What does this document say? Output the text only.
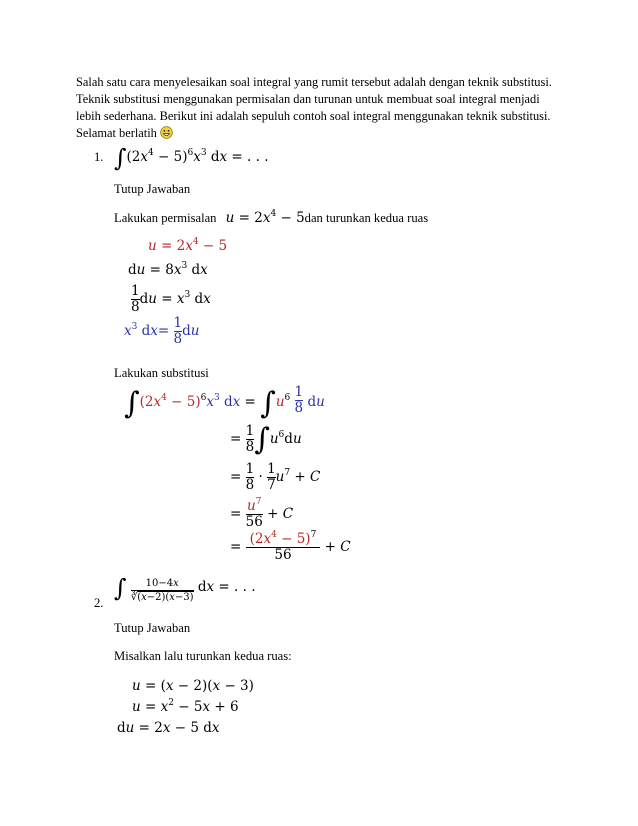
Salah satu cara menyelesaikan soal integral yang rumit tersebut adalah dengan teknik substitusi.

Teknik substitusi menggunakan permisalan dan turunan untuk membuat soal integral menjadi

lebih sederhana. Berikut ini adalah sepuluh contoh soal integral menggunakan teknik substitusi.

Selamat berlatih

1. $\int(2x^4 - 5)^6x^3$ dx = . . .
Tutup Jawaban
Lakukan permisalan $u = 2x^4 - 5dan$ turunkan kedua ruas
$u = 2x^4 - 5$
du = $8x^3$ dx
$\frac{1}{8}$ du = $x^3$ dx
$x^3$ $dx= \frac{1}{8}$ du
Lakukan substitusi
$\int(2x^4 - 5)^6x^3$ dx = $\int u^6 \frac{1}{8}$ du
= $\frac{1}{8} \int u^6du$
= $\frac{1}{8} \cdot \frac{1}{7} u^7 + C$
= $\frac{u^7}{56} + C$
= $\frac{(2x^4 - 5)^7}{56} + C$
∫ $\frac{10-4x}{∛(x-2)(x-3)}$ dx = . . .
2.
Tutup Jawaban
Misalkan lalu turunkan kedua ruas:
u = (x − 2)(x − 3)
$u = x^2 - 5x + 6$
du = 2x − 5 dx
